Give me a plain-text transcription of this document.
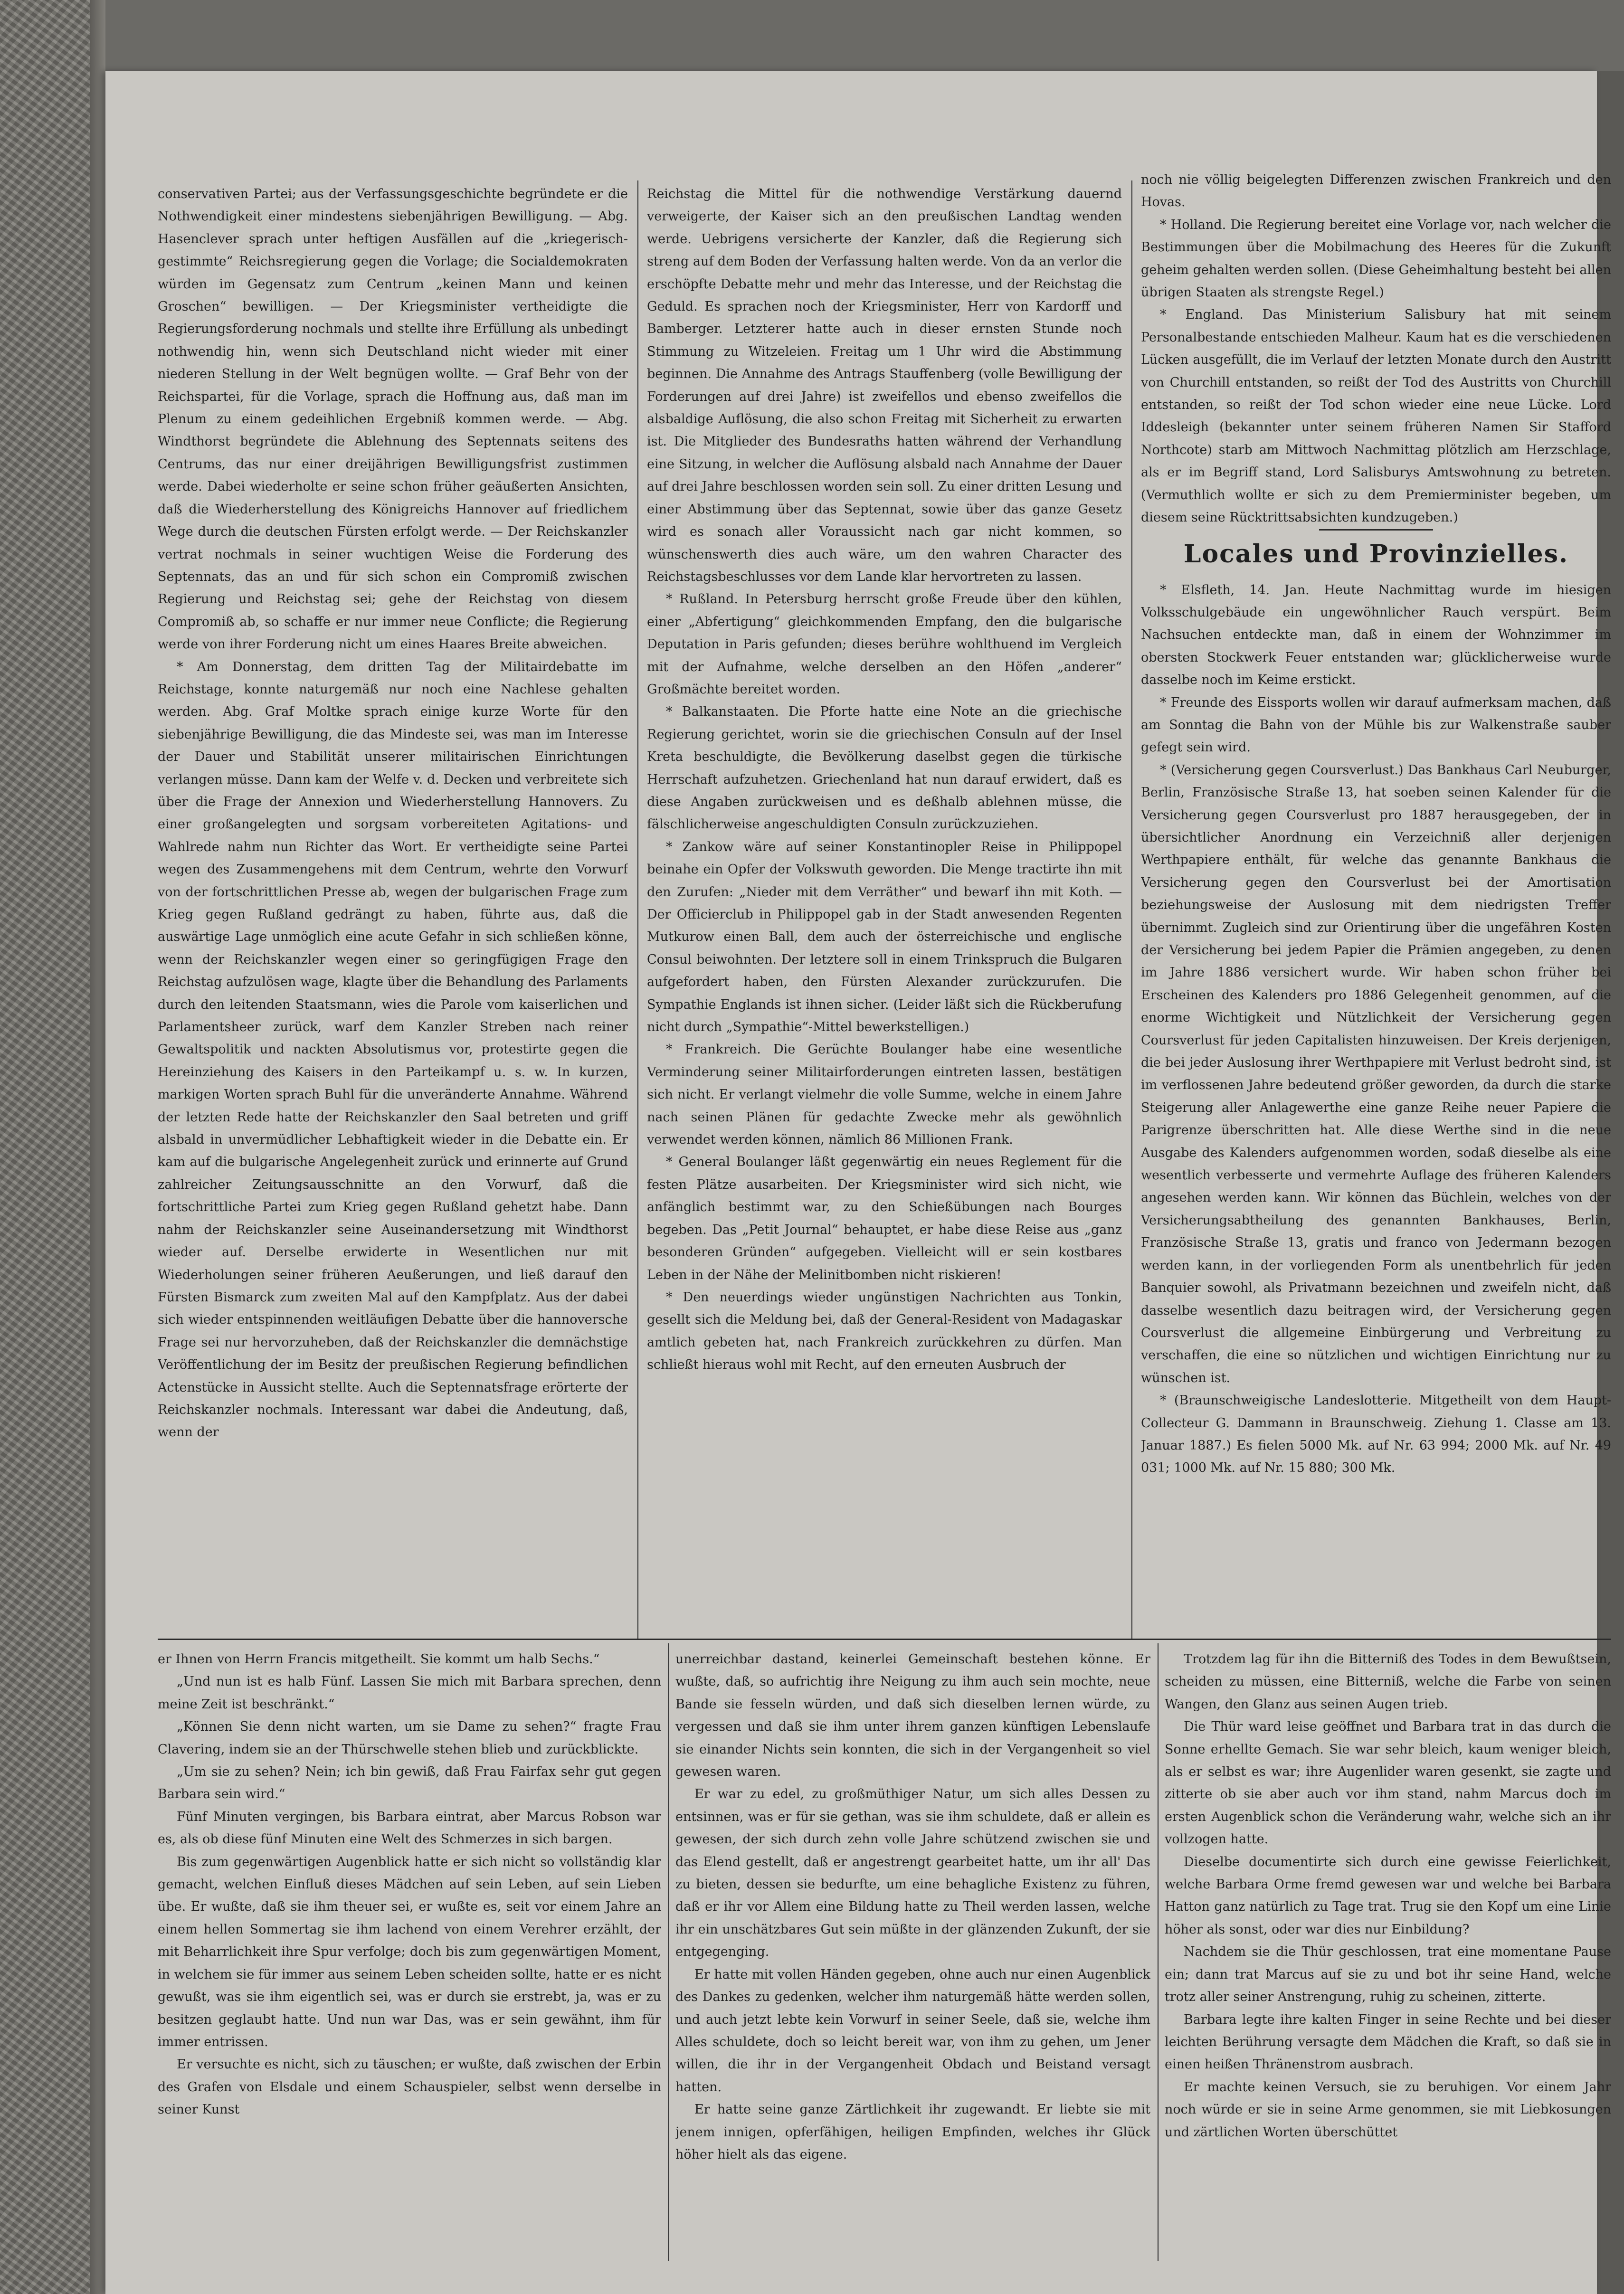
conservativen Partei; aus der Verfassungsgeschichte begründete er die Nothwendigkeit einer mindestens siebenjährigen Bewilligung. — Abg. Hasenclever sprach unter heftigen Ausfällen auf die „kriegerisch-gestimmte“ Reichsregierung gegen die Vorlage; die Socialdemokraten würden im Gegensatz zum Centrum „keinen Mann und keinen Groschen“ bewilligen. — Der Kriegsminister vertheidigte die Regierungsforderung nochmals und stellte ihre Erfüllung als unbedingt nothwendig hin, wenn sich Deutschland nicht wieder mit einer niederen Stellung in der Welt begnügen wollte. — Graf Behr von der Reichspartei, für die Vorlage, sprach die Hoffnung aus, daß man im Plenum zu einem gedeihlichen Ergebniß kommen werde. — Abg. Windthorst begründete die Ablehnung des Septennats seitens des Centrums, das nur einer dreijährigen Bewilligungsfrist zustimmen werde. Dabei wiederholte er seine schon früher geäußerten Ansichten, daß die Wiederherstellung des Königreichs Hannover auf friedlichem Wege durch die deutschen Fürsten erfolgt werde. — Der Reichskanzler vertrat nochmals in seiner wuchtigen Weise die Forderung des Septennats, das an und für sich schon ein Compromiß zwischen Regierung und Reichstag sei; gehe der Reichstag von diesem Compromiß ab, so schaffe er nur immer neue Conflicte; die Regierung werde von ihrer Forderung nicht um eines Haares Breite abweichen.

* Am Donnerstag, dem dritten Tag der Militairdebatte im Reichstage, konnte naturgemäß nur noch eine Nachlese gehalten werden. Abg. Graf Moltke sprach einige kurze Worte für den siebenjährige Bewilligung, die das Mindeste sei, was man im Interesse der Dauer und Stabilität unserer militairischen Einrichtungen verlangen müsse. Dann kam der Welfe v. d. Decken und verbreitete sich über die Frage der Annexion und Wiederherstellung Hannovers. Zu einer großangelegten und sorgsam vorbereiteten Agitations- und Wahlrede nahm nun Richter das Wort. Er vertheidigte seine Partei wegen des Zusammengehens mit dem Centrum, wehrte den Vorwurf von der fortschrittlichen Presse ab, wegen der bulgarischen Frage zum Krieg gegen Rußland gedrängt zu haben, führte aus, daß die auswärtige Lage unmöglich eine acute Gefahr in sich schließen könne, wenn der Reichskanzler wegen einer so geringfügigen Frage den Reichstag aufzulösen wage, klagte über die Behandlung des Parlaments durch den leitenden Staatsmann, wies die Parole vom kaiserlichen und Parlamentsheer zurück, warf dem Kanzler Streben nach reiner Gewaltspolitik und nackten Absolutismus vor, protestirte gegen die Hereinziehung des Kaisers in den Parteikampf u. s. w. In kurzen, markigen Worten sprach Buhl für die unveränderte Annahme. Während der letzten Rede hatte der Reichskanzler den Saal betreten und griff alsbald in unvermüdlicher Lebhaftigkeit wieder in die Debatte ein. Er kam auf die bulgarische Angelegenheit zurück und erinnerte auf Grund zahlreicher Zeitungsausschnitte an den Vorwurf, daß die fortschrittliche Partei zum Krieg gegen Rußland gehetzt habe. Dann nahm der Reichskanzler seine Auseinandersetzung mit Windthorst wieder auf. Derselbe erwiderte in Wesentlichen nur mit Wiederholungen seiner früheren Aeußerungen, und ließ darauf den Fürsten Bismarck zum zweiten Mal auf den Kampfplatz. Aus der dabei sich wieder entspinnenden weitläufigen Debatte über die hannoversche Frage sei nur hervorzuheben, daß der Reichskanzler die demnächstige Veröffentlichung der im Besitz der preußischen Regierung befindlichen Actenstücke in Aussicht stellte. Auch die Septennatsfrage erörterte der Reichskanzler nochmals. Interessant war dabei die Andeutung, daß, wenn der

Reichstag die Mittel für die nothwendige Verstärkung dauernd verweigerte, der Kaiser sich an den preußischen Landtag wenden werde. Uebrigens versicherte der Kanzler, daß die Regierung sich streng auf dem Boden der Verfassung halten werde. Von da an verlor die erschöpfte Debatte mehr und mehr das Interesse, und der Reichstag die Geduld. Es sprachen noch der Kriegsminister, Herr von Kardorff und Bamberger. Letzterer hatte auch in dieser ernsten Stunde noch Stimmung zu Witzeleien. Freitag um 1 Uhr wird die Abstimmung beginnen. Die Annahme des Antrags Stauffenberg (volle Bewilligung der Forderungen auf drei Jahre) ist zweifellos und ebenso zweifellos die alsbaldige Auflösung, die also schon Freitag mit Sicherheit zu erwarten ist. Die Mitglieder des Bundesraths hatten während der Verhandlung eine Sitzung, in welcher die Auflösung alsbald nach Annahme der Dauer auf drei Jahre beschlossen worden sein soll. Zu einer dritten Lesung und einer Abstimmung über das Septennat, sowie über das ganze Gesetz wird es sonach aller Voraussicht nach gar nicht kommen, so wünschenswerth dies auch wäre, um den wahren Character des Reichstagsbeschlusses vor dem Lande klar hervortreten zu lassen.

* Rußland. In Petersburg herrscht große Freude über den kühlen, einer „Abfertigung“ gleichkommenden Empfang, den die bulgarische Deputation in Paris gefunden; dieses berühre wohlthuend im Vergleich mit der Aufnahme, welche derselben an den Höfen „anderer“ Großmächte bereitet worden.

* Balkanstaaten. Die Pforte hatte eine Note an die griechische Regierung gerichtet, worin sie die griechischen Consuln auf der Insel Kreta beschuldigte, die Bevölkerung daselbst gegen die türkische Herrschaft aufzuhetzen. Griechenland hat nun darauf erwidert, daß es diese Angaben zurückweisen und es deßhalb ablehnen müsse, die fälschlicherweise angeschuldigten Consuln zurückzuziehen.

* Zankow wäre auf seiner Konstantinopler Reise in Philippopel beinahe ein Opfer der Volkswuth geworden. Die Menge tractirte ihn mit den Zurufen: „Nieder mit dem Verräther“ und bewarf ihn mit Koth. — Der Officierclub in Philippopel gab in der Stadt anwesenden Regenten Mutkurow einen Ball, dem auch der österreichische und englische Consul beiwohnten. Der letztere soll in einem Trinkspruch die Bulgaren aufgefordert haben, den Fürsten Alexander zurückzurufen. Die Sympathie Englands ist ihnen sicher. (Leider läßt sich die Rückberufung nicht durch „Sympathie“-Mittel bewerkstelligen.)

* Frankreich. Die Gerüchte Boulanger habe eine wesentliche Verminderung seiner Militairforderungen eintreten lassen, bestätigen sich nicht. Er verlangt vielmehr die volle Summe, welche in einem Jahre nach seinen Plänen für gedachte Zwecke mehr als gewöhnlich verwendet werden können, nämlich 86 Millionen Frank.

* General Boulanger läßt gegenwärtig ein neues Reglement für die festen Plätze ausarbeiten. Der Kriegsminister wird sich nicht, wie anfänglich bestimmt war, zu den Schießübungen nach Bourges begeben. Das „Petit Journal“ behauptet, er habe diese Reise aus „ganz besonderen Gründen“ aufgegeben. Vielleicht will er sein kostbares Leben in der Nähe der Melinitbomben nicht riskieren!

* Den neuerdings wieder ungünstigen Nachrichten aus Tonkin, gesellt sich die Meldung bei, daß der General-Resident von Madagaskar amtlich gebeten hat, nach Frankreich zurückkehren zu dürfen. Man schließt hieraus wohl mit Recht, auf den erneuten Ausbruch der

noch nie völlig beigelegten Differenzen zwischen Frankreich und den Hovas.

* Holland. Die Regierung bereitet eine Vorlage vor, nach welcher die Bestimmungen über die Mobilmachung des Heeres für die Zukunft geheim gehalten werden sollen. (Diese Geheimhaltung besteht bei allen übrigen Staaten als strengste Regel.)

* England. Das Ministerium Salisbury hat mit seinem Personalbestande entschieden Malheur. Kaum hat es die verschiedenen Lücken ausgefüllt, die im Verlauf der letzten Monate durch den Austritt von Churchill entstanden, so reißt der Tod des Austritts von Churchill entstanden, so reißt der Tod schon wieder eine neue Lücke. Lord Iddesleigh (bekannter unter seinem früheren Namen Sir Stafford Northcote) starb am Mittwoch Nachmittag plötzlich am Herzschlage, als er im Begriff stand, Lord Salisburys Amtswohnung zu betreten. (Vermuthlich wollte er sich zu dem Premierminister begeben, um diesem seine Rücktrittsabsichten kundzugeben.)

Locales und Provinzielles.

* Elsfleth, 14. Jan. Heute Nachmittag wurde im hiesigen Volksschulgebäude ein ungewöhnlicher Rauch verspürt. Beim Nachsuchen entdeckte man, daß in einem der Wohnzimmer im obersten Stockwerk Feuer entstanden war; glücklicherweise wurde dasselbe noch im Keime erstickt.

* Freunde des Eissports wollen wir darauf aufmerksam machen, daß am Sonntag die Bahn von der Mühle bis zur Walkenstraße sauber gefegt sein wird.

* (Versicherung gegen Coursverlust.) Das Bankhaus Carl Neuburger, Berlin, Französische Straße 13, hat soeben seinen Kalender für die Versicherung gegen Coursverlust pro 1887 herausgegeben, der in übersichtlicher Anordnung ein Verzeichniß aller derjenigen Werthpapiere enthält, für welche das genannte Bankhaus die Versicherung gegen den Coursverlust bei der Amortisation beziehungsweise der Auslosung mit dem niedrigsten Treffer übernimmt. Zugleich sind zur Orientirung über die ungefähren Kosten der Versicherung bei jedem Papier die Prämien angegeben, zu denen im Jahre 1886 versichert wurde. Wir haben schon früher bei Erscheinen des Kalenders pro 1886 Gelegenheit genommen, auf die enorme Wichtigkeit und Nützlichkeit der Versicherung gegen Coursverlust für jeden Capitalisten hinzuweisen. Der Kreis derjenigen, die bei jeder Auslosung ihrer Werthpapiere mit Verlust bedroht sind, ist im verflossenen Jahre bedeutend größer geworden, da durch die starke Steigerung aller Anlagewerthe eine ganze Reihe neuer Papiere die Parigrenze überschritten hat. Alle diese Werthe sind in die neue Ausgabe des Kalenders aufgenommen worden, sodaß dieselbe als eine wesentlich verbesserte und vermehrte Auflage des früheren Kalenders angesehen werden kann. Wir können das Büchlein, welches von der Versicherungsabtheilung des genannten Bankhauses, Berlin, Französische Straße 13, gratis und franco von Jedermann bezogen werden kann, in der vorliegenden Form als unentbehrlich für jeden Banquier sowohl, als Privatmann bezeichnen und zweifeln nicht, daß dasselbe wesentlich dazu beitragen wird, der Versicherung gegen Coursverlust die allgemeine Einbürgerung und Verbreitung zu verschaffen, die eine so nützlichen und wichtigen Einrichtung nur zu wünschen ist.

* (Braunschweigische Landeslotterie. Mitgetheilt von dem Haupt-Collecteur G. Dammann in Braunschweig. Ziehung 1. Classe am 13. Januar 1887.) Es fielen 5000 Mk. auf Nr. 63 994; 2000 Mk. auf Nr. 49 031; 1000 Mk. auf Nr. 15 880; 300 Mk.

er Ihnen von Herrn Francis mitgetheilt. Sie kommt um halb Sechs.“

„Und nun ist es halb Fünf. Lassen Sie mich mit Barbara sprechen, denn meine Zeit ist beschränkt.“

„Können Sie denn nicht warten, um sie Dame zu sehen?“ fragte Frau Clavering, indem sie an der Thürschwelle stehen blieb und zurückblickte.

„Um sie zu sehen? Nein; ich bin gewiß, daß Frau Fairfax sehr gut gegen Barbara sein wird.“

Fünf Minuten vergingen, bis Barbara eintrat, aber Marcus Robson war es, als ob diese fünf Minuten eine Welt des Schmerzes in sich bargen.

Bis zum gegenwärtigen Augenblick hatte er sich nicht so vollständig klar gemacht, welchen Einfluß dieses Mädchen auf sein Leben, auf sein Lieben übe. Er wußte, daß sie ihm theuer sei, er wußte es, seit vor einem Jahre an einem hellen Sommertag sie ihm lachend von einem Verehrer erzählt, der mit Beharrlichkeit ihre Spur verfolge; doch bis zum gegenwärtigen Moment, in welchem sie für immer aus seinem Leben scheiden sollte, hatte er es nicht gewußt, was sie ihm eigentlich sei, was er durch sie erstrebt, ja, was er zu besitzen geglaubt hatte. Und nun war Das, was er sein gewähnt, ihm für immer entrissen.

Er versuchte es nicht, sich zu täuschen; er wußte, daß zwischen der Erbin des Grafen von Elsdale und einem Schauspieler, selbst wenn derselbe in seiner Kunst

unerreichbar dastand, keinerlei Gemeinschaft bestehen könne. Er wußte, daß, so aufrichtig ihre Neigung zu ihm auch sein mochte, neue Bande sie fesseln würden, und daß sich dieselben lernen würde, zu vergessen und daß sie ihm unter ihrem ganzen künftigen Lebenslaufe sie einander Nichts sein konnten, die sich in der Vergangenheit so viel gewesen waren.

Er war zu edel, zu großmüthiger Natur, um sich alles Dessen zu entsinnen, was er für sie gethan, was sie ihm schuldete, daß er allein es gewesen, der sich durch zehn volle Jahre schützend zwischen sie und das Elend gestellt, daß er angestrengt gearbeitet hatte, um ihr all' Das zu bieten, dessen sie bedurfte, um eine behagliche Existenz zu führen, daß er ihr vor Allem eine Bildung hatte zu Theil werden lassen, welche ihr ein unschätzbares Gut sein müßte in der glänzenden Zukunft, der sie entgegenging.

Er hatte mit vollen Händen gegeben, ohne auch nur einen Augenblick des Dankes zu gedenken, welcher ihm naturgemäß hätte werden sollen, und auch jetzt lebte kein Vorwurf in seiner Seele, daß sie, welche ihm Alles schuldete, doch so leicht bereit war, von ihm zu gehen, um Jener willen, die ihr in der Vergangenheit Obdach und Beistand versagt hatten.

Er hatte seine ganze Zärtlichkeit ihr zugewandt. Er liebte sie mit jenem innigen, opferfähigen, heiligen Empfinden, welches ihr Glück höher hielt als das eigene.

Trotzdem lag für ihn die Bitterniß des Todes in dem Bewußtsein, scheiden zu müssen, eine Bitterniß, welche die Farbe von seinen Wangen, den Glanz aus seinen Augen trieb.

Die Thür ward leise geöffnet und Barbara trat in das durch die Sonne erhellte Gemach. Sie war sehr bleich, kaum weniger bleich, als er selbst es war; ihre Augenlider waren gesenkt, sie zagte und zitterte ob sie aber auch vor ihm stand, nahm Marcus doch im ersten Augenblick schon die Veränderung wahr, welche sich an ihr vollzogen hatte.

Dieselbe documentirte sich durch eine gewisse Feierlichkeit, welche Barbara Orme fremd gewesen war und welche bei Barbara Hatton ganz natürlich zu Tage trat. Trug sie den Kopf um eine Linie höher als sonst, oder war dies nur Einbildung?

Nachdem sie die Thür geschlossen, trat eine momentane Pause ein; dann trat Marcus auf sie zu und bot ihr seine Hand, welche trotz aller seiner Anstrengung, ruhig zu scheinen, zitterte.

Barbara legte ihre kalten Finger in seine Rechte und bei dieser leichten Berührung versagte dem Mädchen die Kraft, so daß sie in einen heißen Thränenstrom ausbrach.

Er machte keinen Versuch, sie zu beruhigen. Vor einem Jahr noch würde er sie in seine Arme genommen, sie mit Liebkosungen und zärtlichen Worten überschüttet
